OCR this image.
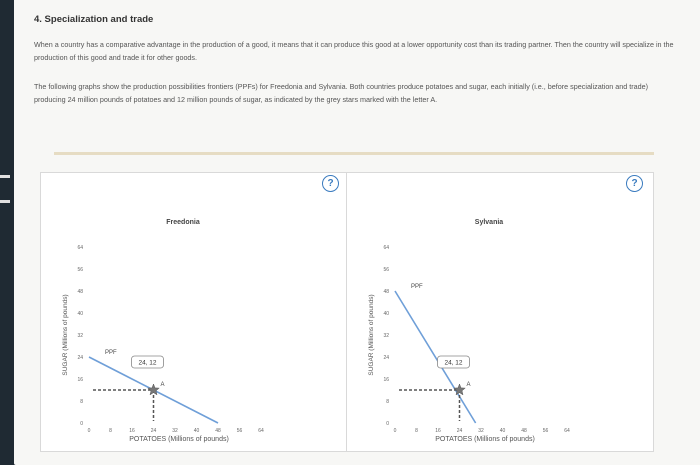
4. Specialization and trade
When a country has a comparative advantage in the production of a good, it means that it can produce this good at a lower opportunity cost than its trading partner. Then the country will specialize in the production of this good and trade it for other goods.
The following graphs show the production possibilities frontiers (PPFs) for Freedonia and Sylvania. Both countries produce potatoes and sugar, each initially (i.e., before specialization and trade) producing 24 million pounds of potatoes and 12 million pounds of sugar, as indicated by the grey stars marked with the letter A.
?
Freedonia
SUGAR (Millions of pounds)
POTATOES (Millions of pounds)
0
8
16
24
32
40
48
56
64
0	8	16	24	32	40	48	56	64
PPF
A
24, 12
?
Sylvania
SUGAR (Millions of pounds)
POTATOES (Millions of pounds)
0
8
16
24
32
40
48
56
64
0	8	16	24	32	40	48	56	64
PPF
A
24, 12
